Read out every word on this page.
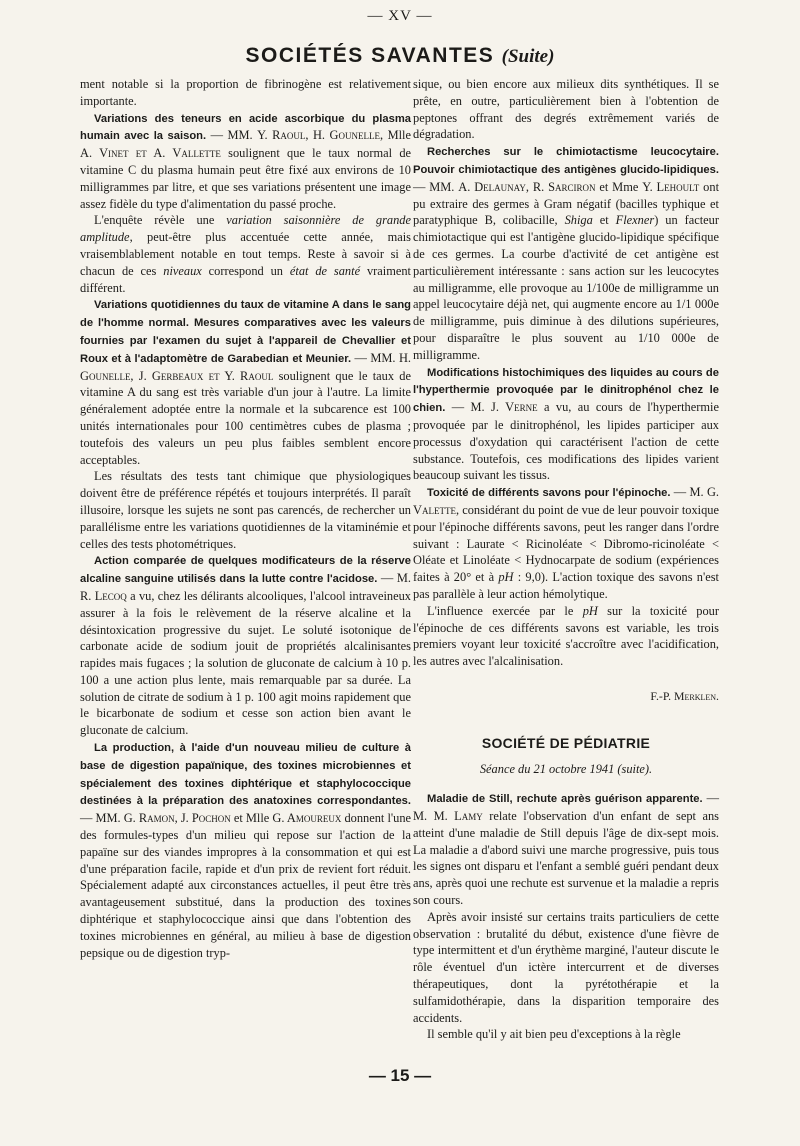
— XV —
SOCIÉTÉS SAVANTES (Suite)

ment notable si la proportion de fibrinogène est relativement importante.

Variations des teneurs en acide ascorbique du plasma humain avec la saison. — MM. Y. Raoul, H. Gounelle, Mlle A. Vinet et A. Vallette soulignent que le taux normal de vitamine C du plasma humain peut être fixé aux environs de 10 milligrammes par litre, et que ses variations présentent une image assez fidèle du type d'alimentation du passé proche.

L'enquête révèle une variation saisonnière de grande amplitude, peut-être plus accentuée cette année, mais vraisemblablement notable en tout temps. Reste à savoir si à chacun de ces niveaux correspond un état de santé vraiment différent.

Variations quotidiennes du taux de vitamine A dans le sang de l'homme normal. Mesures comparatives avec les valeurs fournies par l'examen du sujet à l'appareil de Chevallier et Roux et à l'adaptomètre de Garabedian et Meunier. — MM. H. Gounelle, J. Gerbeaux et Y. Raoul soulignent que le taux de vitamine A du sang est très variable d'un jour à l'autre. La limite généralement adoptée entre la normale et la subcarence est 100 unités internationales pour 100 centimètres cubes de plasma ; toutefois des valeurs un peu plus faibles semblent encore acceptables.

Les résultats des tests tant chimique que physiologiques doivent être de préférence répétés et toujours interprétés. Il paraît illusoire, lorsque les sujets ne sont pas carencés, de rechercher un parallélisme entre les variations quotidiennes de la vitaminémie et celles des tests photométriques.

Action comparée de quelques modificateurs de la réserve alcaline sanguine utilisés dans la lutte contre l'acidose. — M. R. Lecoq a vu, chez les délirants alcooliques, l'alcool intraveineux assurer à la fois le relèvement de la réserve alcaline et la désintoxication progressive du sujet. Le soluté isotonique de carbonate acide de sodium jouit de propriétés alcalinisantes rapides mais fugaces ; la solution de gluconate de calcium à 10 p. 100 a une action plus lente, mais remarquable par sa durée. La solution de citrate de sodium à 1 p. 100 agit moins rapidement que le bicarbonate de sodium et cesse son action bien avant le gluconate de calcium.

La production, à l'aide d'un nouveau milieu de culture à base de digestion papaïnique, des toxines microbiennes et spécialement des toxines diphtérique et staphylococcique destinées à la préparation des anatoxines correspondantes. — MM. G. Ramon, J. Pochon et Mlle G. Amoureux donnent l'une des formules-types d'un milieu qui repose sur l'action de la papaïne sur des viandes impropres à la consommation et qui est d'une préparation facile, rapide et d'un prix de revient fort réduit. Spécialement adapté aux circonstances actuelles, il peut être très avantageusement substitué, dans la production des toxines diphtérique et staphylococcique ainsi que dans l'obtention des toxines microbiennes en général, au milieu à base de digestion pepsique ou de digestion tryp-

sique, ou bien encore aux milieux dits synthétiques. Il se prête, en outre, particulièrement bien à l'obtention de peptones offrant des degrés extrêmement variés de dégradation.

Recherches sur le chimiotactisme leucocytaire. Pouvoir chimiotactique des antigènes glucido-lipidiques. — MM. A. Delaunay, R. Sarciron et Mme Y. Lehoult ont pu extraire des germes à Gram négatif (bacilles typhique et paratyphique B, colibacille, Shiga et Flexner) un facteur chimiotactique qui est l'antigène glucido-lipidique spécifique de ces germes. La courbe d'activité de cet antigène est particulièrement intéressante : sans action sur les leucocytes au milligramme, elle provoque au 1/100e de milligramme un appel leucocytaire déjà net, qui augmente encore au 1/1 000e de milligramme, puis diminue à des dilutions supérieures, pour disparaître le plus souvent au 1/10 000e de milligramme.

Modifications histochimiques des liquides au cours de l'hyperthermie provoquée par le dinitrophénol chez le chien. — M. J. Verne a vu, au cours de l'hyperthermie provoquée par le dinitrophénol, les lipides participer aux processus d'oxydation qui caractérisent l'action de cette substance. Toutefois, ces modifications des lipides varient beaucoup suivant les tissus.

Toxicité de différents savons pour l'épinoche. — M. G. Valette, considérant du point de vue de leur pouvoir toxique pour l'épinoche différents savons, peut les ranger dans l'ordre suivant : Laurate < Ricinoléate < Dibromo-ricinoléate < Oléate et Linoléate < Hydnocarpate de sodium (expériences faites à 20° et à pH : 9,0). L'action toxique des savons n'est pas parallèle à leur action hémolytique.

L'influence exercée par le pH sur la toxicité pour l'épinoche de ces différents savons est variable, les trois premiers voyant leur toxicité s'accroître avec l'acidification, les autres avec l'alcalinisation.

F.-P. Merklen.

SOCIÉTÉ DE PÉDIATRIE

Séance du 21 octobre 1941 (suite).

Maladie de Still, rechute après guérison apparente. — M. M. Lamy relate l'observation d'un enfant de sept ans atteint d'une maladie de Still depuis l'âge de dix-sept mois. La maladie a d'abord suivi une marche progressive, puis tous les signes ont disparu et l'enfant a semblé guéri pendant deux ans, après quoi une rechute est survenue et la maladie a repris son cours.

Après avoir insisté sur certains traits particuliers de cette observation : brutalité du début, existence d'une fièvre de type intermittent et d'un érythème marginé, l'auteur discute le rôle éventuel d'un ictère intercurrent et de diverses thérapeutiques, dont la pyrétothérapie et la sulfamidothérapie, dans la disparition temporaire des accidents.

Il semble qu'il y ait bien peu d'exceptions à la règle

— 15 —
